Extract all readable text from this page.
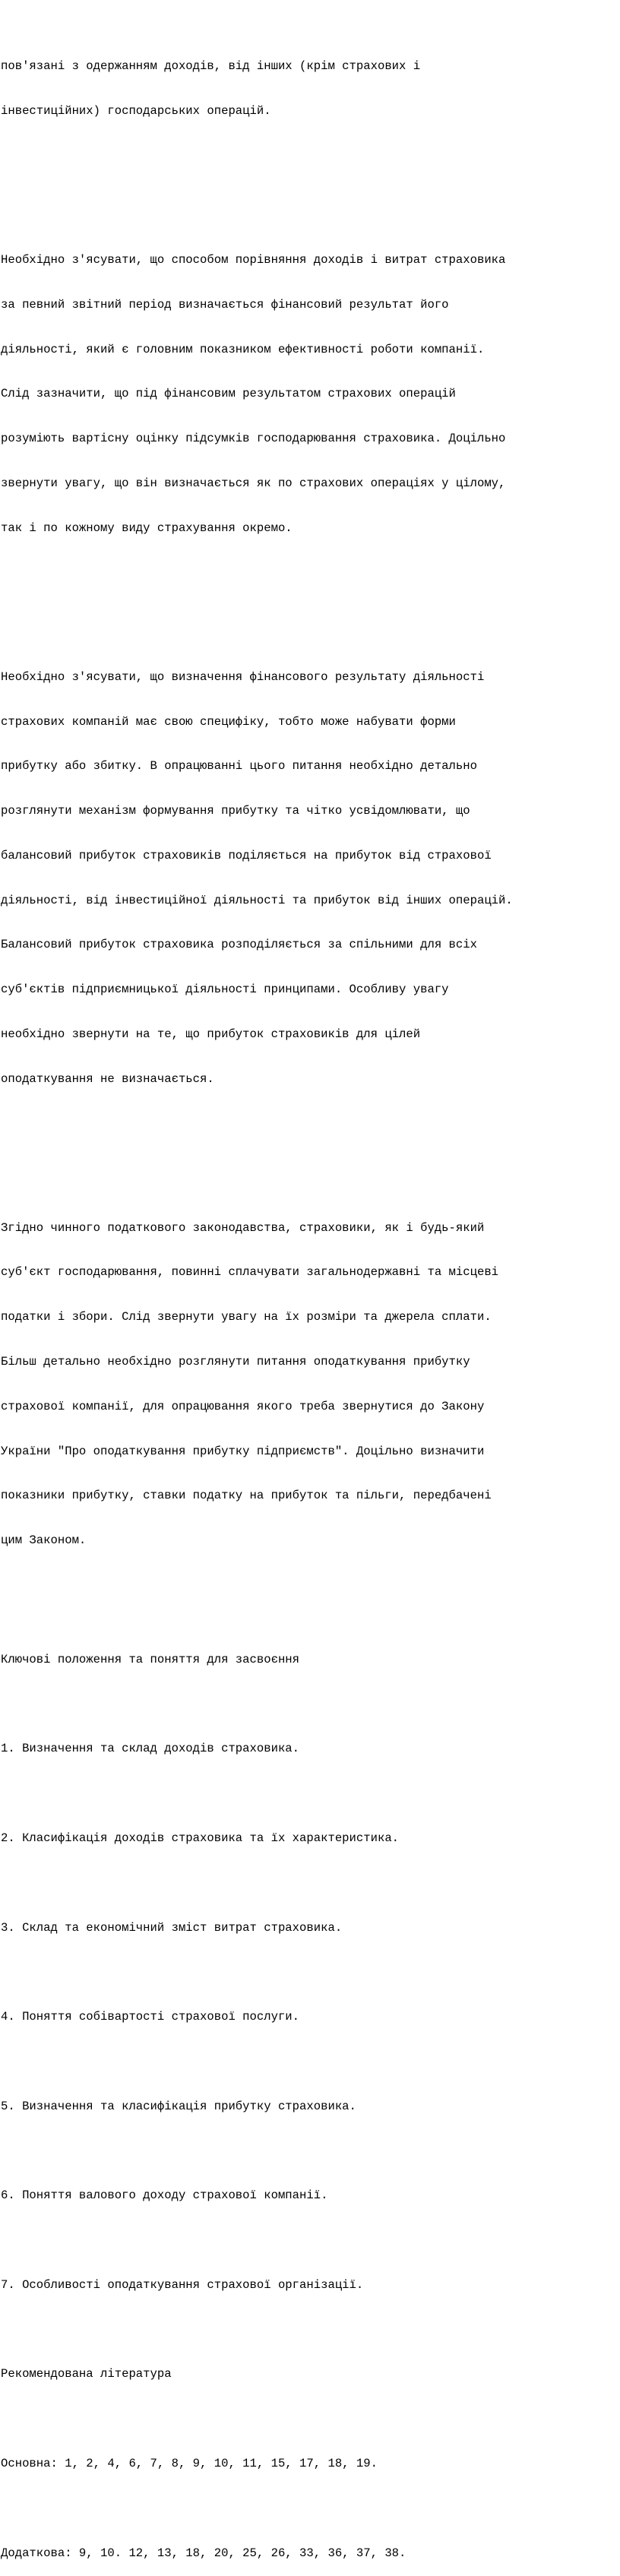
пов'язані з одержанням доходів, від інших (крім страхових і

інвестиційних) господарських операцій.

Необхідно з'ясувати, що способом порівняння доходів і витрат страховика

за певний звітний період визначається фінансовий результат його

діяльності, який є головним показником ефективності роботи компанії.

Слід зазначити, що під фінансовим результатом страхових операцій

розуміють вартісну оцінку підсумків господарювання страховика. Доцільно

звернути увагу, що він визначається як по страхових операціях у цілому,

так і по кожному виду страхування окремо.

Необхідно з'ясувати, що визначення фінансового результату діяльності

страхових компаній має свою специфіку, тобто може набувати форми

прибутку або збитку. В опрацюванні цього питання необхідно детально

розглянути механізм формування прибутку та чітко усвідомлювати, що

балансовий прибуток страховиків поділяється на прибуток від страхової

діяльності, від інвестиційної діяльності та прибуток від інших операцій.

Балансовий прибуток страховика розподіляється за спільними для всіх

суб'єктів підприємницької діяльності принципами. Особливу увагу

необхідно звернути на те, що прибуток страховиків для цілей

оподаткування не визначається.

Згідно чинного податкового законодавства, страховики, як і будь-який

суб'єкт господарювання, повинні сплачувати загальнодержавні та місцеві

податки і збори. Слід звернути увагу на їх розміри та джерела сплати.

Більш детально необхідно розглянути питання оподаткування прибутку

страхової компанії, для опрацювання якого треба звернутися до Закону

України "Про оподаткування прибутку підприємств". Доцільно визначити

показники прибутку, ставки податку на прибуток та пільги, передбачені

цим Законом.

Ключові положення та поняття для засвоєння

1. Визначення та склад доходів страховика.

2. Класифікація доходів страховика та їх характеристика.

3. Склад та економічний зміст витрат страховика.

4. Поняття собівартості страхової послуги.

5. Визначення та класифікація прибутку страховика.

6. Поняття валового доходу страхової компанії.

7. Особливості оподаткування страхової організації.

Рекомендована література

Основна: 1, 2, 4, 6, 7, 8, 9, 10, 11, 15, 17, 18, 19.

Додаткова: 9, 10. 12, 13, 18, 20, 25, 26, 33, 36, 37, 38.
